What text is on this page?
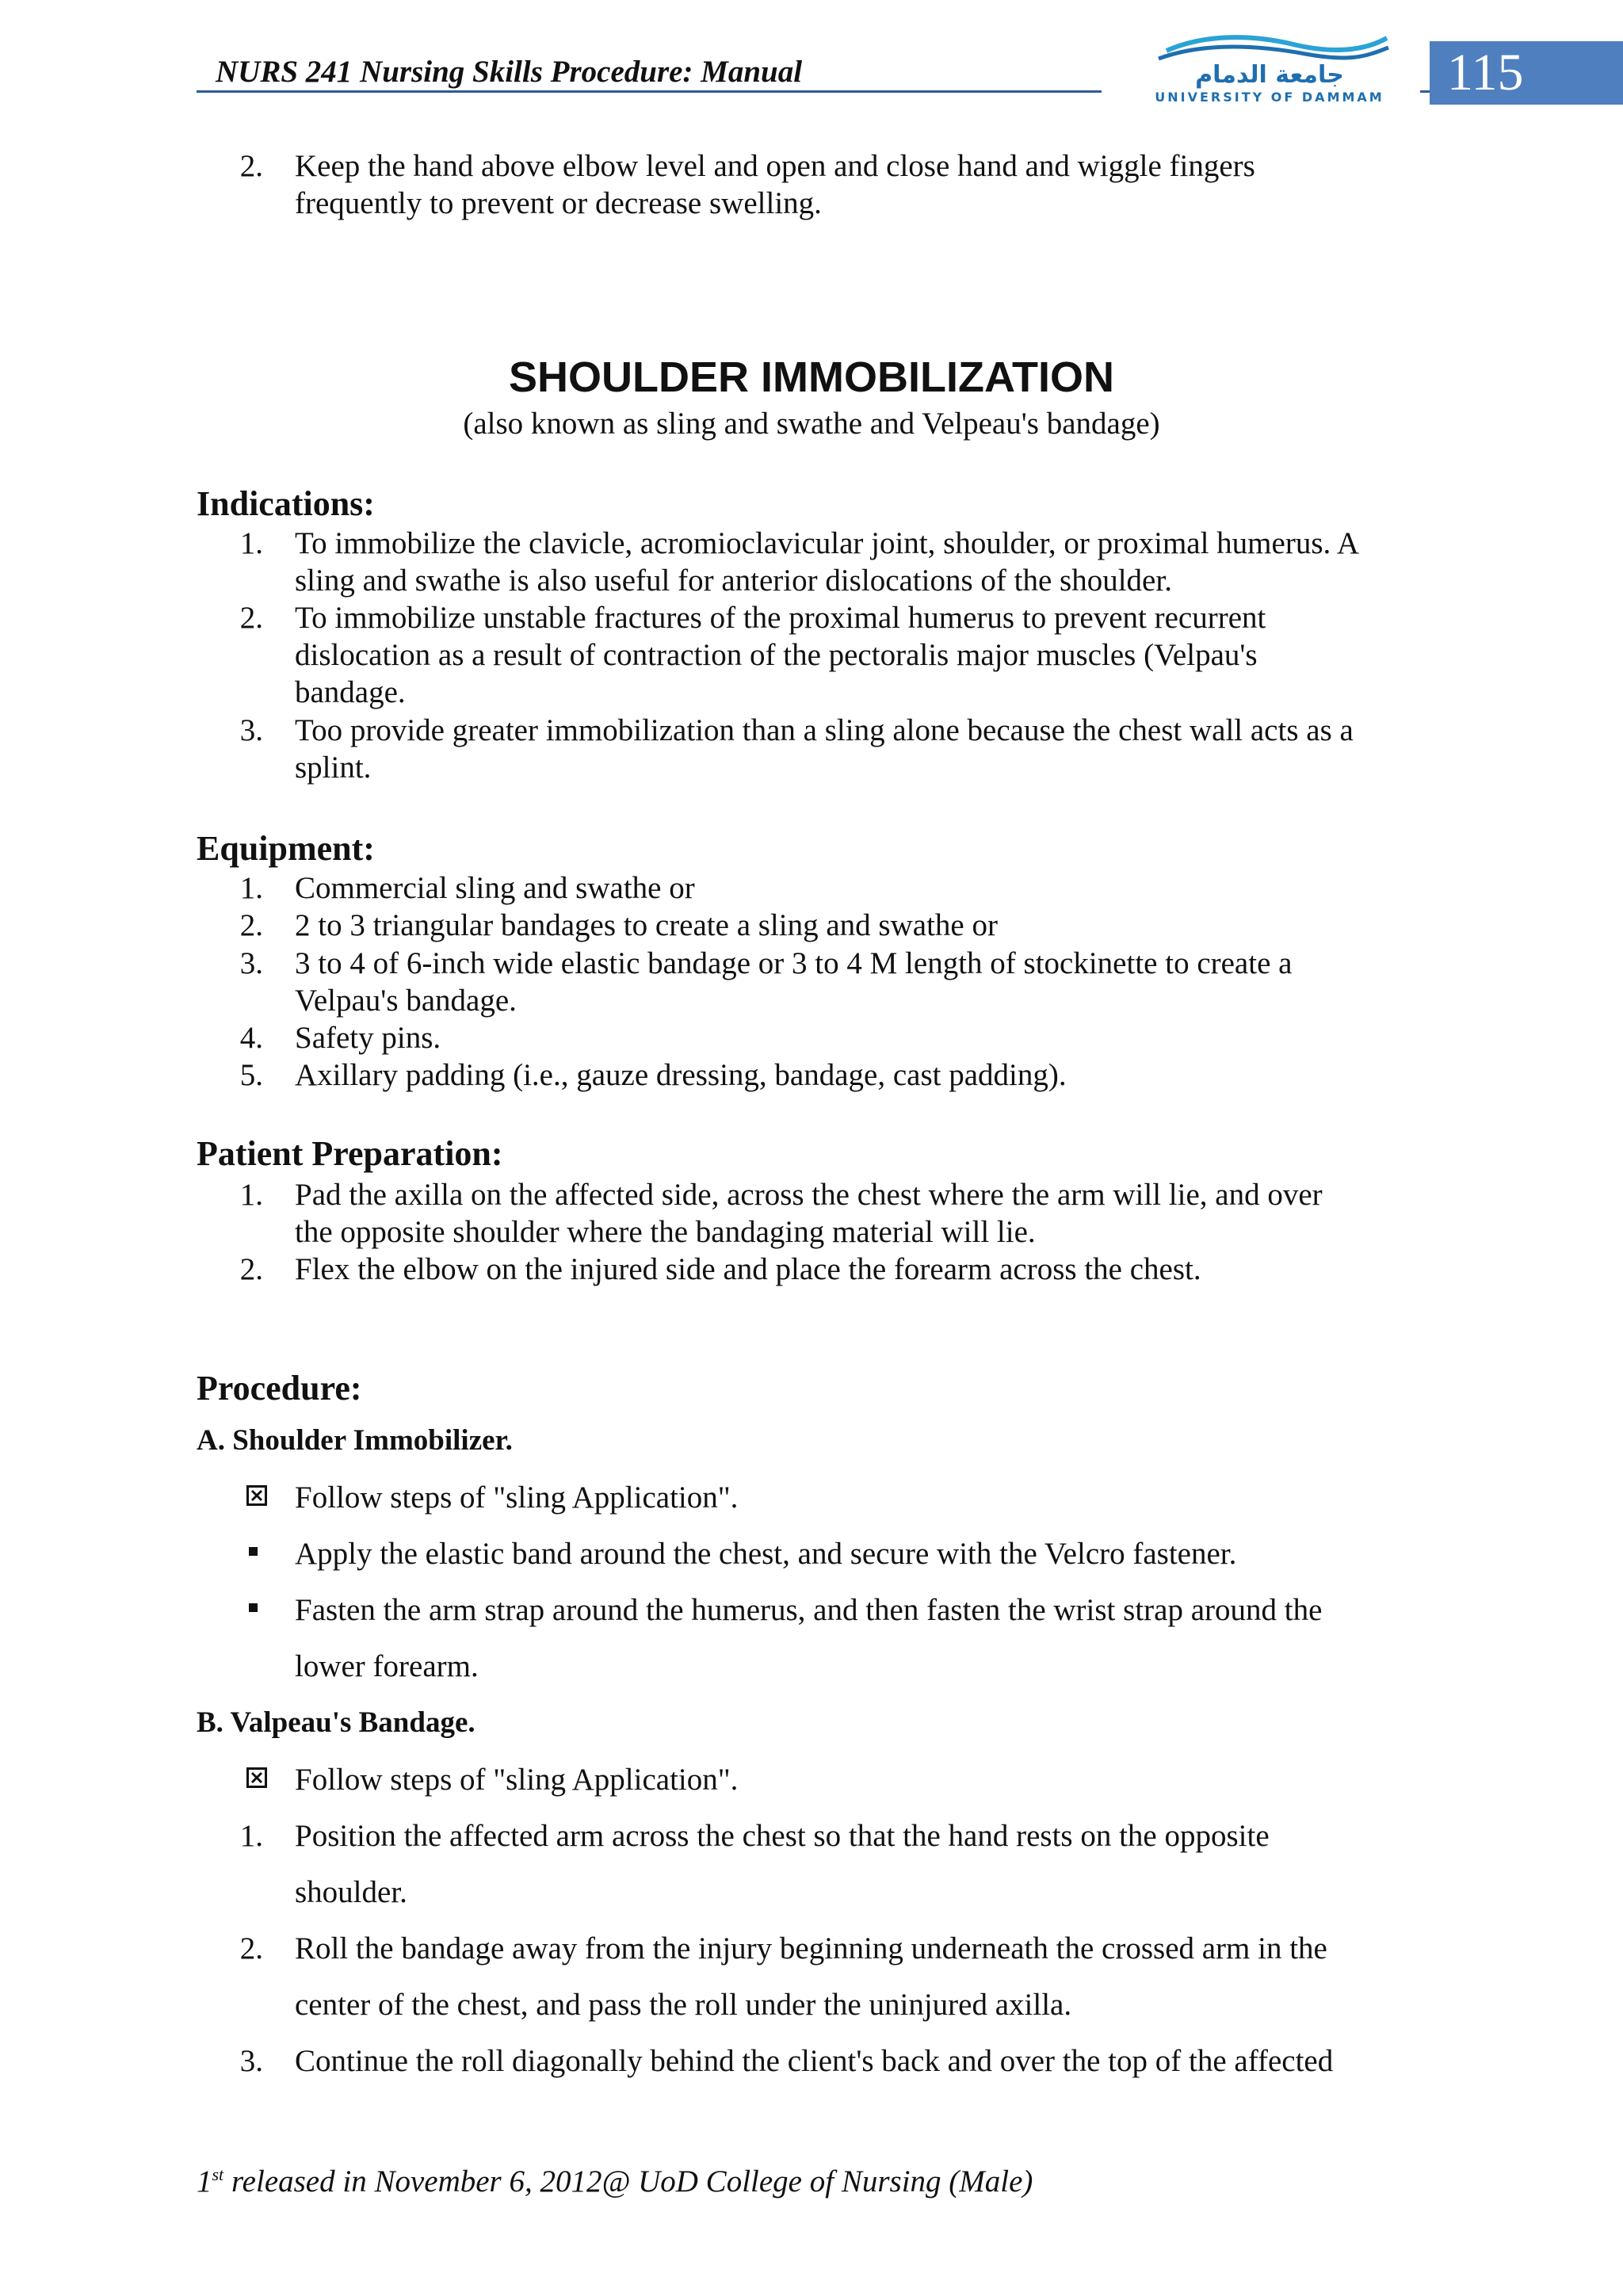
NURS 241 Nursing Skills Procedure: Manual	جامعة الدمام
UNIVERSITY OF DAMMAM	115
2. Keep the hand above elbow level and open and close hand and wiggle fingers
frequently to prevent or decrease swelling.
SHOULDER IMMOBILIZATION
(also known as sling and swathe and Velpeau's bandage)
Indications:
1. To immobilize the clavicle, acromioclavicular joint, shoulder, or proximal humerus. A
sling and swathe is also useful for anterior dislocations of the shoulder.
2. To immobilize unstable fractures of the proximal humerus to prevent recurrent
dislocation as a result of contraction of the pectoralis major muscles (Velpau's
bandage.
3. Too provide greater immobilization than a sling alone because the chest wall acts as a
splint.
Equipment:
1. Commercial sling and swathe or
2. 2 to 3 triangular bandages to create a sling and swathe or
3. 3 to 4 of 6-inch wide elastic bandage or 3 to 4 M length of stockinette to create a
Velpau's bandage.
4. Safety pins.
5. Axillary padding (i.e., gauze dressing, bandage, cast padding).
Patient Preparation:
1. Pad the axilla on the affected side, across the chest where the arm will lie, and over
the opposite shoulder where the bandaging material will lie.
2. Flex the elbow on the injured side and place the forearm across the chest.
Procedure:
A. Shoulder Immobilizer.
Follow steps of "sling Application".
Apply the elastic band around the chest, and secure with the Velcro fastener.
Fasten the arm strap around the humerus, and then fasten the wrist strap around the
lower forearm.
B. Valpeau's Bandage.
Follow steps of "sling Application".
1. Position the affected arm across the chest so that the hand rests on the opposite
shoulder.
2. Roll the bandage away from the injury beginning underneath the crossed arm in the
center of the chest, and pass the roll under the uninjured axilla.
3. Continue the roll diagonally behind the client's back and over the top of the affected
1st released in November 6, 2012@ UoD College of Nursing (Male)
